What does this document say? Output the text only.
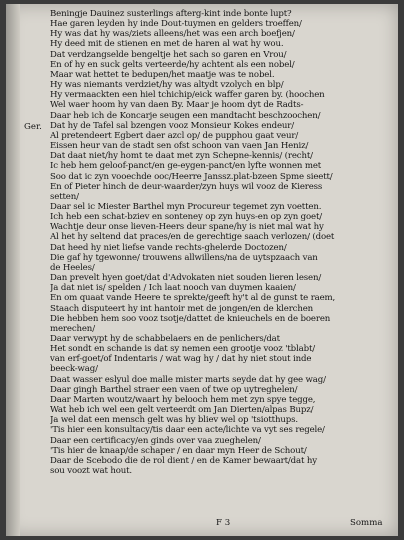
Ger.
Beningje Dauinez susterlings afterg-kint inde bonte lupt?
Hae garen leyden hy inde Dout-tuymen en gelders troeffen/
Hy was dat hy was/ziets alleens/het was een arch boefjen/
Hy deed mit de stienen en met de haren al wat hy wou.
Dat verdzangselde bengeltje het sach so garen en Vrou/
En of hy en suck gelts verteerde/hy achtent als een nobel/
Maar wat hettet te bedupen/het maatje was te nobel.
Hy was niemants verdziet/hy was altydt vzolych en blp/
Hy vermaackten een hiel tchichip/eick waffer garen by. (hoochen
Wel waer hoom hy van daen By. Maar je hoom dyt de Radts-
Daar heb ich de Koncarje seugen een mandtacht beschzoochen/
Dat hy de Tafel sal bzengen vooz Monsieur Kokes endeur/
Al pretendeert Egbert daer azcl op/ de pupphou gaat veur/
Eissen heur van de stadt sen ofst schoon van vaen Jan Heniz/
Dat daat niet/hy homt te daat met zyn Schepne-kennis/ (recht/
Ic heb hem geloof-panct/en ge-eygen-panct/en lyfte wonnen met
Soo dat ic zyn vooechde ooc/Heerre Janssz.plat-bzeen Spme sieett/
En of Pieter hinch de deur-waarder/zyn huys wil vooz de Kieress
setten/
Daar sel ic Miester Barthel myn Procureur tegemet zyn voetten.
Ich heb een schat-bziev en sonteney op zyn huys-en op zyn goet/
Wachtje deur onse lieven-Heers deur spane/hy is niet mal wat hy
Al het hy seltend dat praces/en de gerechtige saach verlozen/ (doet
Dat heed hy niet liefse vande rechts-ghelerde Doctozen/
Die gaf hy tgewonne/ trouwens allwillens/na de uytspzaach van
de Heeles/
Dan prevelt hyen goet/dat d'Advokaten niet souden lieren lesen/
Ja dat niet is/ spelden / Ich laat nooch van duymen kaaien/
En om quaat vande Heere te sprekte/geeft hy't al de gunst te raem,
Staach disputeert hy int hantoir met de jongen/en de klerchen
Die hebben hem soo vooz tsotje/dattet de knieuchels en de boeren
merechen/
Daar verwypt hy de schabbelaers en de penlichers/dat
Het sondt en schande is dat sy nemen een grootje vooz 'tblabt/
van erf-goet/of Indentaris / wat wag hy / dat hy niet stout inde
beeck-wag/
Daat wasser eslyul doe malle mister marts seyde dat hy gee wag/
Daar gingh Barthel straer een vaen of twe op uytreghelen/
Daar Marten woutz/waart hy belooch hem met zyn spye tegge,
Wat heb ich wel een gelt verteerdt om Jan Dierten/alpas Bupz/
Ja wel dat een mensch gelt was hy bliev wel op 'tsiotthups.
'Tis hier een konsultacy/tis daar een acte/lichte va vyt ses regele/
Daar een certificacy/en ginds over vaa zueghelen/
'Tis hier de knaap/de schaper / en daar myn Heer de Schout/
Daar de Scebodo die de rol dient / en de Kamer bewaart/dat hy
sou voozt wat hout.
F 3	Somma
